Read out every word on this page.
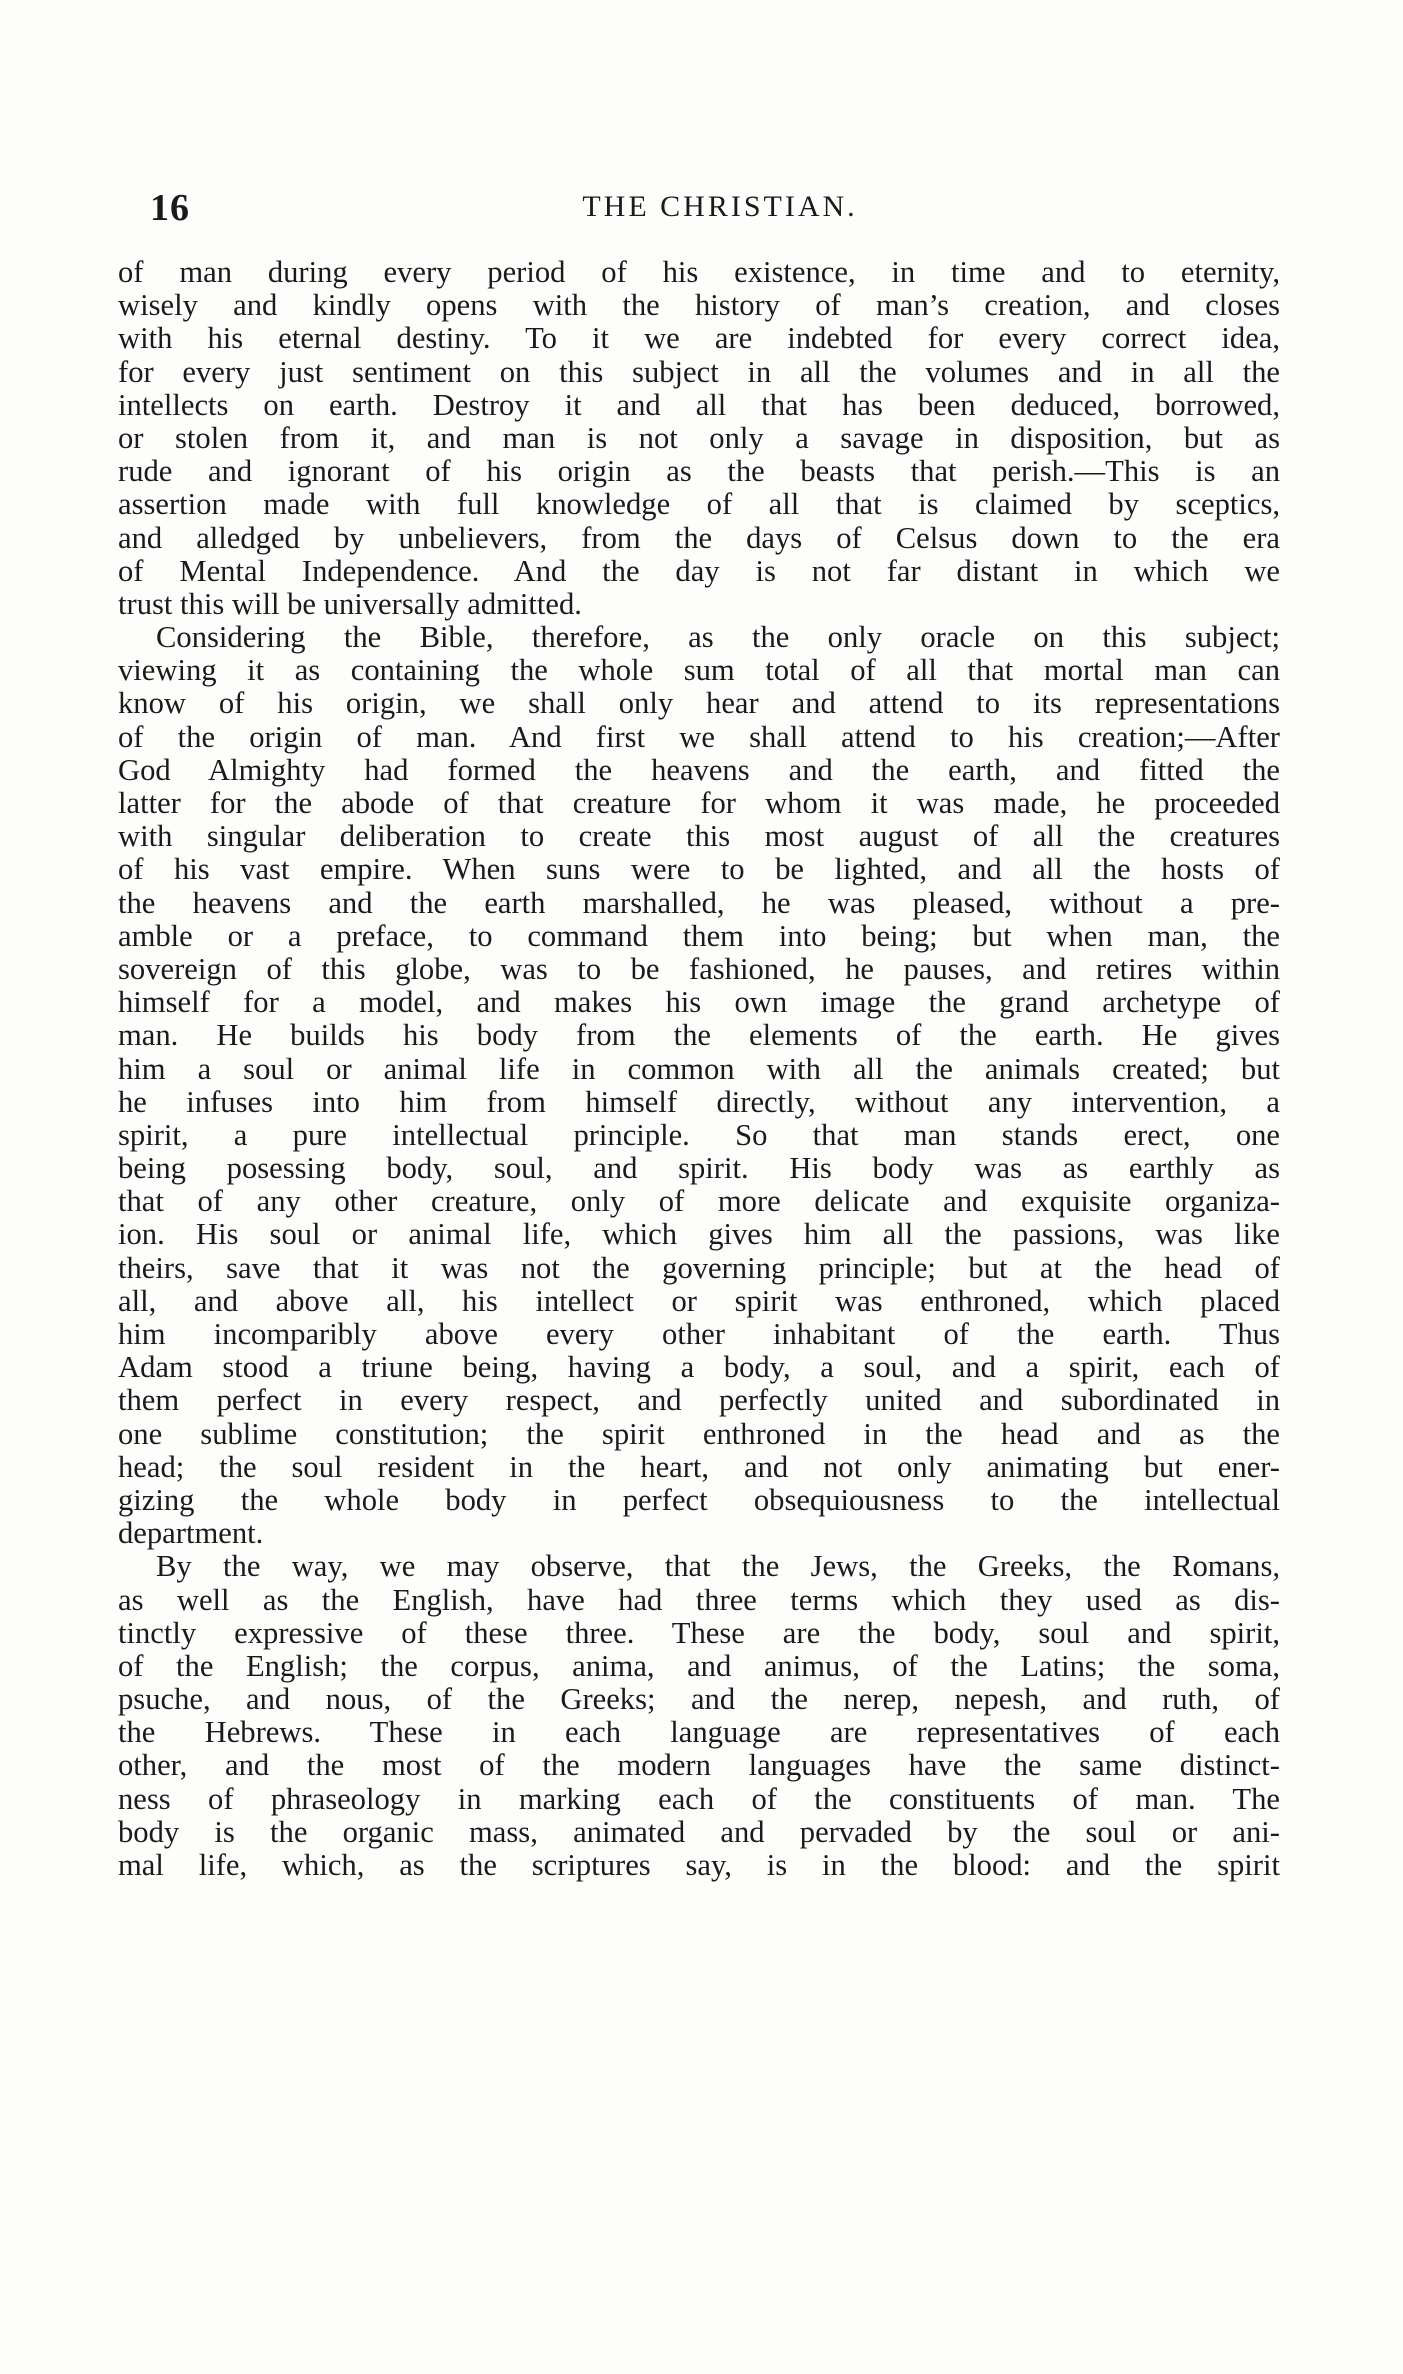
16	THE CHRISTIAN.
of man during every period of his existence, in time and to eternity,
wisely and kindly opens with the history of man’s creation, and closes
with his eternal destiny. To it we are indebted for every correct idea,
for every just sentiment on this subject in all the volumes and in all the
intellects on earth. Destroy it and all that has been deduced, borrowed,
or stolen from it, and man is not only a savage in disposition, but as
rude and ignorant of his origin as the beasts that perish.—This is an
assertion made with full knowledge of all that is claimed by sceptics,
and alledged by unbelievers, from the days of Celsus down to the era
of Mental Independence. And the day is not far distant in which we
trust this will be universally admitted.
Considering the Bible, therefore, as the only oracle on this subject;
viewing it as containing the whole sum total of all that mortal man can
know of his origin, we shall only hear and attend to its representations
of the origin of man. And first we shall attend to his creation;—After
God Almighty had formed the heavens and the earth, and fitted the
latter for the abode of that creature for whom it was made, he proceeded
with singular deliberation to create this most august of all the creatures
of his vast empire. When suns were to be lighted, and all the hosts of
the heavens and the earth marshalled, he was pleased, without a pre-
amble or a preface, to command them into being; but when man, the
sovereign of this globe, was to be fashioned, he pauses, and retires within
himself for a model, and makes his own image the grand archetype of
man. He builds his body from the elements of the earth. He gives
him a soul or animal life in common with all the animals created; but
he infuses into him from himself directly, without any intervention, a
spirit, a pure intellectual principle. So that man stands erect, one
being posessing body, soul, and spirit. His body was as earthly as
that of any other creature, only of more delicate and exquisite organiza-
ion. His soul or animal life, which gives him all the passions, was like
theirs, save that it was not the governing principle; but at the head of
all, and above all, his intellect or spirit was enthroned, which placed
him incomparibly above every other inhabitant of the earth. Thus
Adam stood a triune being, having a body, a soul, and a spirit, each of
them perfect in every respect, and perfectly united and subordinated in
one sublime constitution; the spirit enthroned in the head and as the
head; the soul resident in the heart, and not only animating but ener-
gizing the whole body in perfect obsequiousness to the intellectual
department.
By the way, we may observe, that the Jews, the Greeks, the Romans,
as well as the English, have had three terms which they used as dis-
tinctly expressive of these three. These are the body, soul and spirit,
of the English; the corpus, anima, and animus, of the Latins; the soma,
psuche, and nous, of the Greeks; and the nerep, nepesh, and ruth, of
the Hebrews. These in each language are representatives of each
other, and the most of the modern languages have the same distinct-
ness of phraseology in marking each of the constituents of man. The
body is the organic mass, animated and pervaded by the soul or ani-
mal life, which, as the scriptures say, is in the blood: and the spirit
